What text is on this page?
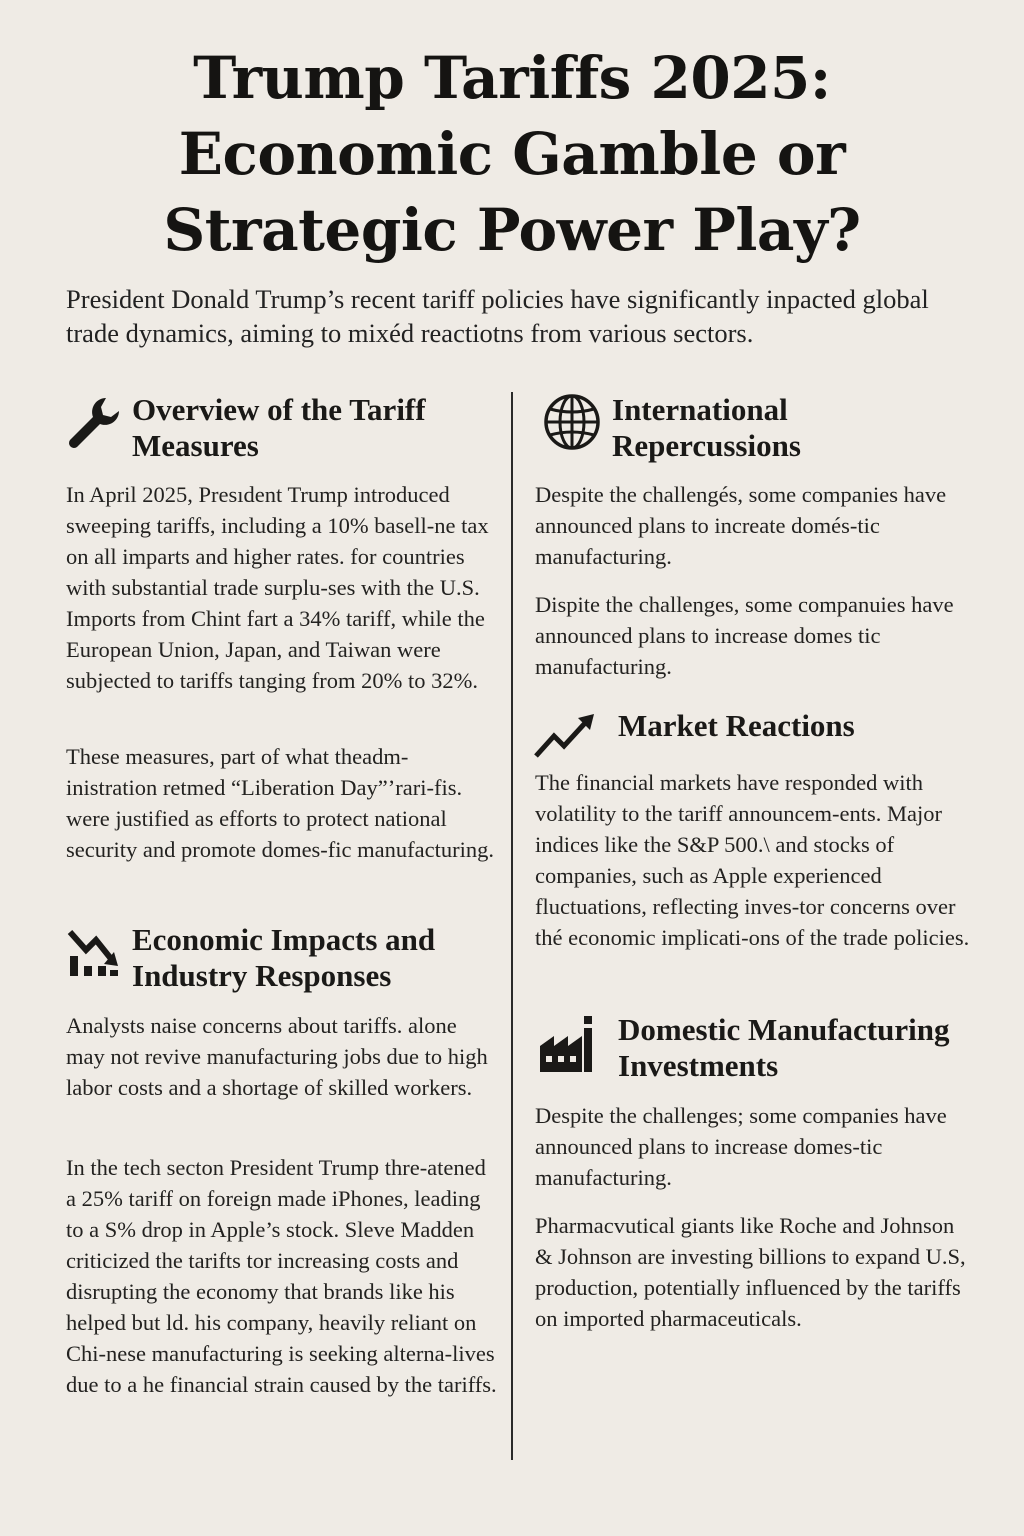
Trump Tariffs 2025: Economic Gamble or Strategic Power Play?

President Donald Trump’s recent tariff policies have significantly inpacted global trade dynamics, aiming to mixéd reactiotns from various sectors.

Overview of the Tariff Measures

In April 2025, Presıdent Trump introduced sweeping tariffs, including a 10% basell-ne tax on all imparts and higher rates. for countries with substantial trade surplu-ses with the U.S. Imports from Chint fart a 34% tariff, while the European Union, Japan, and Taiwan were subjected to tariffs tanging from 20% to 32%.

These measures, part of what theadm-inistration retmed “Liberation Day”’rari-fis. were justified as efforts to protect national security and promote domes-fic manufacturing.

Economic Impacts and Industry Responses

Analysts naise concerns about tariffs. alone may not revive manufacturing jobs due to high labor costs and a shortage of skilled workers.

In the tech secton President Trump thre-atened a 25% tariff on foreign made iPhones, leading to a S% drop in Apple’s stock. Sleve Madden criticized the tarifts tor increasing costs and disrupting the economy that brands like his helped but ld. his company, heavily reliant on Chi-nese manufacturing is seeking alterna-lives due to a he financial strain caused by the tariffs.

International Repercussions

Despite the challengés, some companies have announced plans to increate domés-tic manufacturing.

Dispite the challenges, some companuies have announced plans to increase domes tic manufacturing.

Market Reactions

The financial markets have responded with volatility to the tariff announcem-ents. Major indices like the S&P 500.\ and stocks of companies, such as Apple experienced fluctuations, reflecting inves-tor concerns over thé economic implicati-ons of the trade policies.

Domestic Manufacturing Investments

Despite the challenges; some companies have announced plans to increase domes-tic manufacturing.

Pharmacvutical giants like Roche and Johnson & Johnson are investing billions to expand U.S, production, potentially influenced by the tariffs on imported pharmaceuticals.
